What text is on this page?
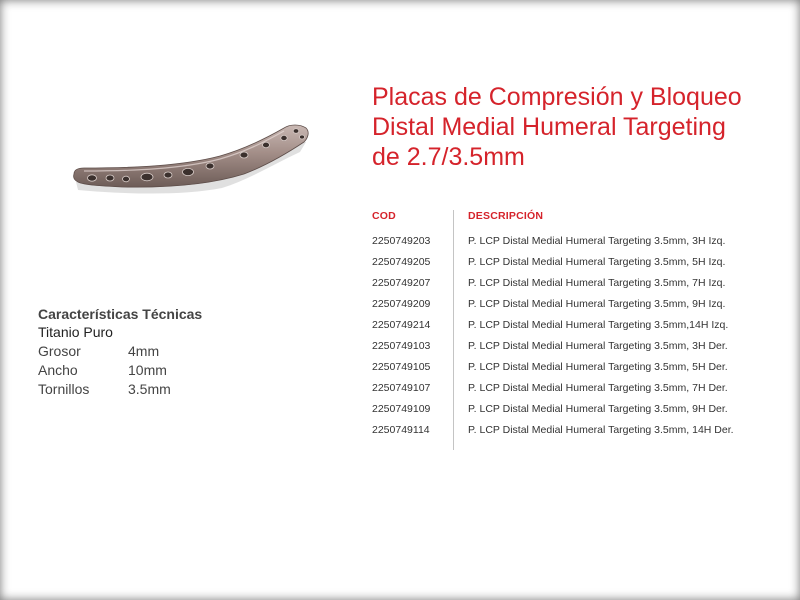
Placas de Compresión y Bloqueo
Distal Medial Humeral Targeting
de 2.7/3.5mm
COD	DESCRIPCIÓN
2250749203	P. LCP Distal Medial Humeral Targeting 3.5mm, 3H Izq.
2250749205	P. LCP Distal Medial Humeral Targeting 3.5mm, 5H Izq.
2250749207	P. LCP Distal Medial Humeral Targeting 3.5mm, 7H Izq.
2250749209	P. LCP Distal Medial Humeral Targeting 3.5mm, 9H Izq.
2250749214	P. LCP Distal Medial Humeral Targeting 3.5mm,14H Izq.
2250749103	P. LCP Distal Medial Humeral Targeting 3.5mm, 3H Der.
2250749105	P. LCP Distal Medial Humeral Targeting 3.5mm, 5H Der.
2250749107	P. LCP Distal Medial Humeral Targeting 3.5mm, 7H Der.
2250749109	P. LCP Distal Medial Humeral Targeting 3.5mm, 9H Der.
2250749114	P. LCP Distal Medial Humeral Targeting 3.5mm, 14H Der.
Características Técnicas
Titanio Puro
Grosor	4mm
Ancho	10mm
Tornillos	3.5mm
